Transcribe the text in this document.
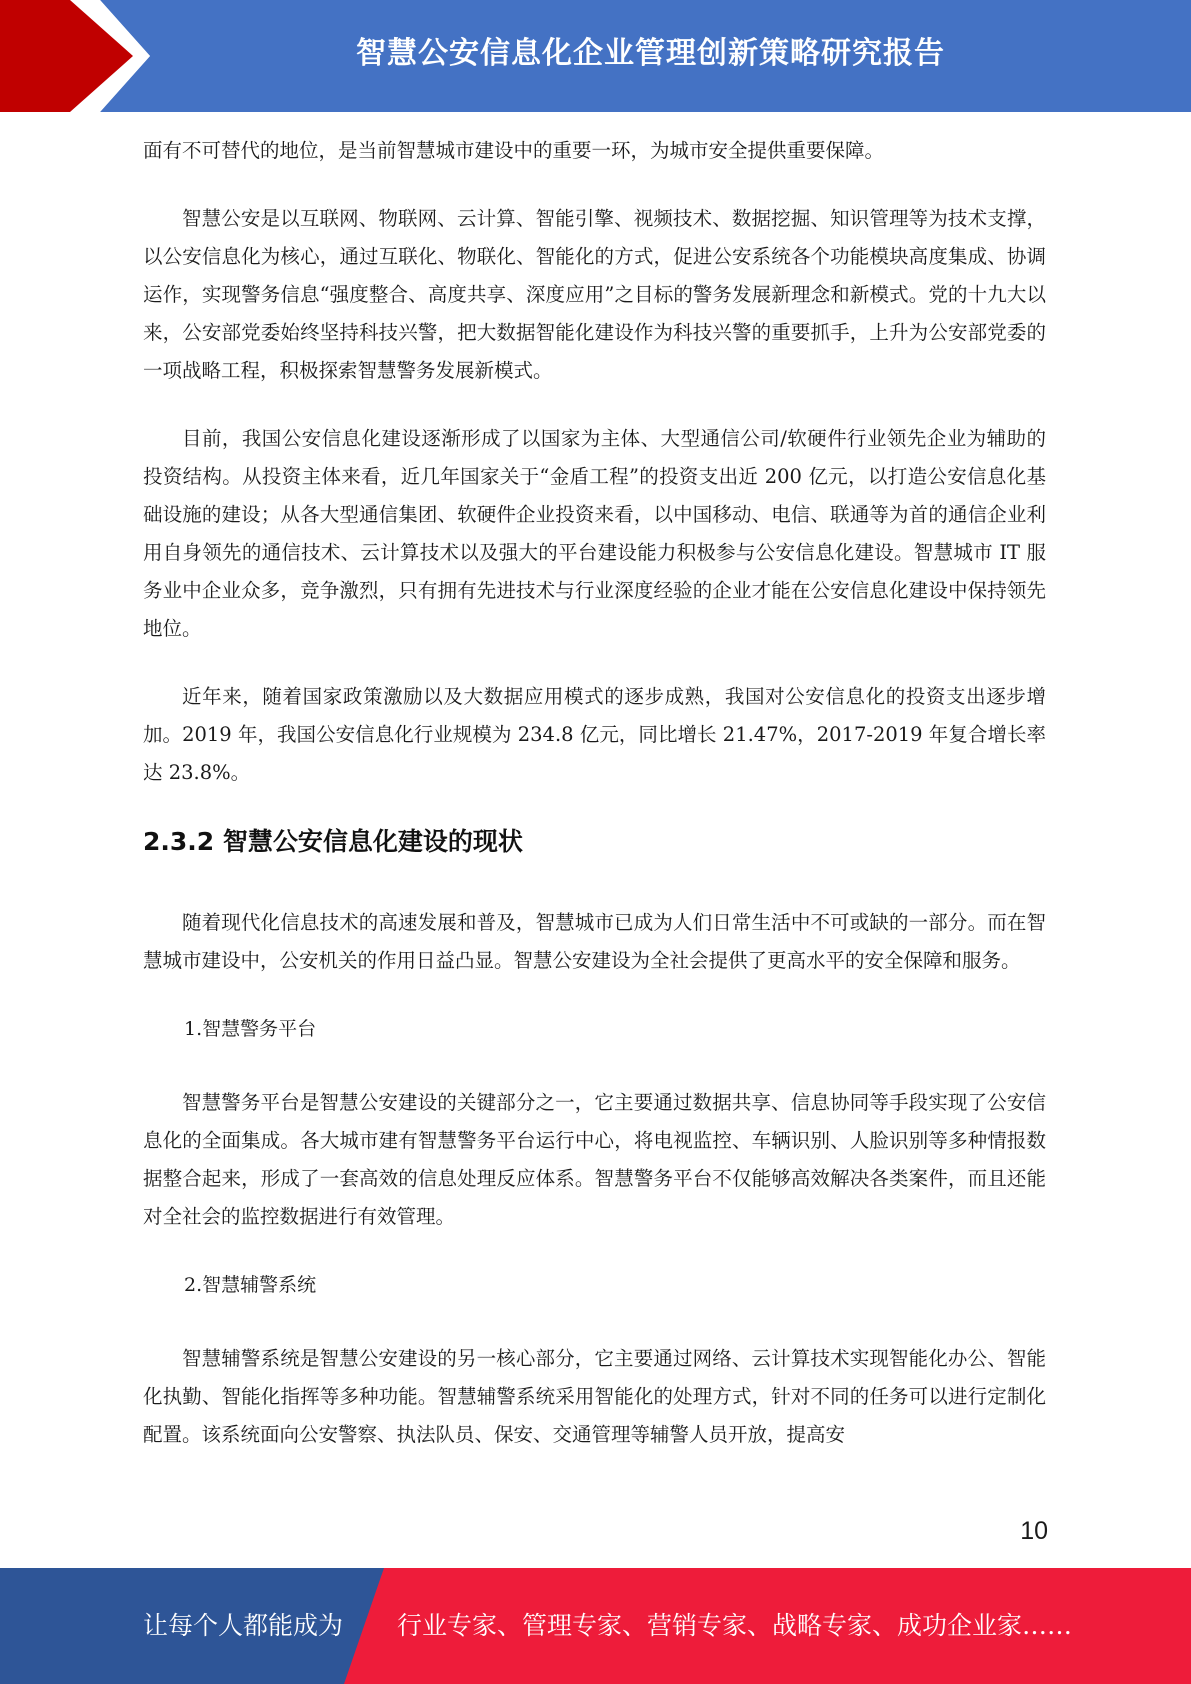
智慧公安信息化企业管理创新策略研究报告

面有不可替代的地位，是当前智慧城市建设中的重要一环，为城市安全提供重要保障。

智慧公安是以互联网、物联网、云计算、智能引擎、视频技术、数据挖掘、知识管理等为技术支撑，以公安信息化为核心，通过互联化、物联化、智能化的方式，促进公安系统各个功能模块高度集成、协调运作，实现警务信息“强度整合、高度共享、深度应用”之目标的警务发展新理念和新模式。党的十九大以来，公安部党委始终坚持科技兴警，把大数据智能化建设作为科技兴警的重要抓手，上升为公安部党委的一项战略工程，积极探索智慧警务发展新模式。

目前，我国公安信息化建设逐渐形成了以国家为主体、大型通信公司/软硬件行业领先企业为辅助的投资结构。从投资主体来看，近几年国家关于“金盾工程”的投资支出近 200 亿元，以打造公安信息化基础设施的建设；从各大型通信集团、软硬件企业投资来看，以中国移动、电信、联通等为首的通信企业利用自身领先的通信技术、云计算技术以及强大的平台建设能力积极参与公安信息化建设。智慧城市 IT 服务业中企业众多，竞争激烈，只有拥有先进技术与行业深度经验的企业才能在公安信息化建设中保持领先地位。

近年来，随着国家政策激励以及大数据应用模式的逐步成熟，我国对公安信息化的投资支出逐步增加。2019 年，我国公安信息化行业规模为 234.8 亿元，同比增长 21.47%，2017-2019 年复合增长率达 23.8%。

2.3.2 智慧公安信息化建设的现状

随着现代化信息技术的高速发展和普及，智慧城市已成为人们日常生活中不可或缺的一部分。而在智慧城市建设中，公安机关的作用日益凸显。智慧公安建设为全社会提供了更高水平的安全保障和服务。

1.智慧警务平台

智慧警务平台是智慧公安建设的关键部分之一，它主要通过数据共享、信息协同等手段实现了公安信息化的全面集成。各大城市建有智慧警务平台运行中心，将电视监控、车辆识别、人脸识别等多种情报数据整合起来，形成了一套高效的信息处理反应体系。智慧警务平台不仅能够高效解决各类案件，而且还能对全社会的监控数据进行有效管理。

2.智慧辅警系统

智慧辅警系统是智慧公安建设的另一核心部分，它主要通过网络、云计算技术实现智能化办公、智能化执勤、智能化指挥等多种功能。智慧辅警系统采用智能化的处理方式，针对不同的任务可以进行定制化配置。该系统面向公安警察、执法队员、保安、交通管理等辅警人员开放，提高安

10
让每个人都能成为 行业专家、管理专家、营销专家、战略专家、成功企业家……
